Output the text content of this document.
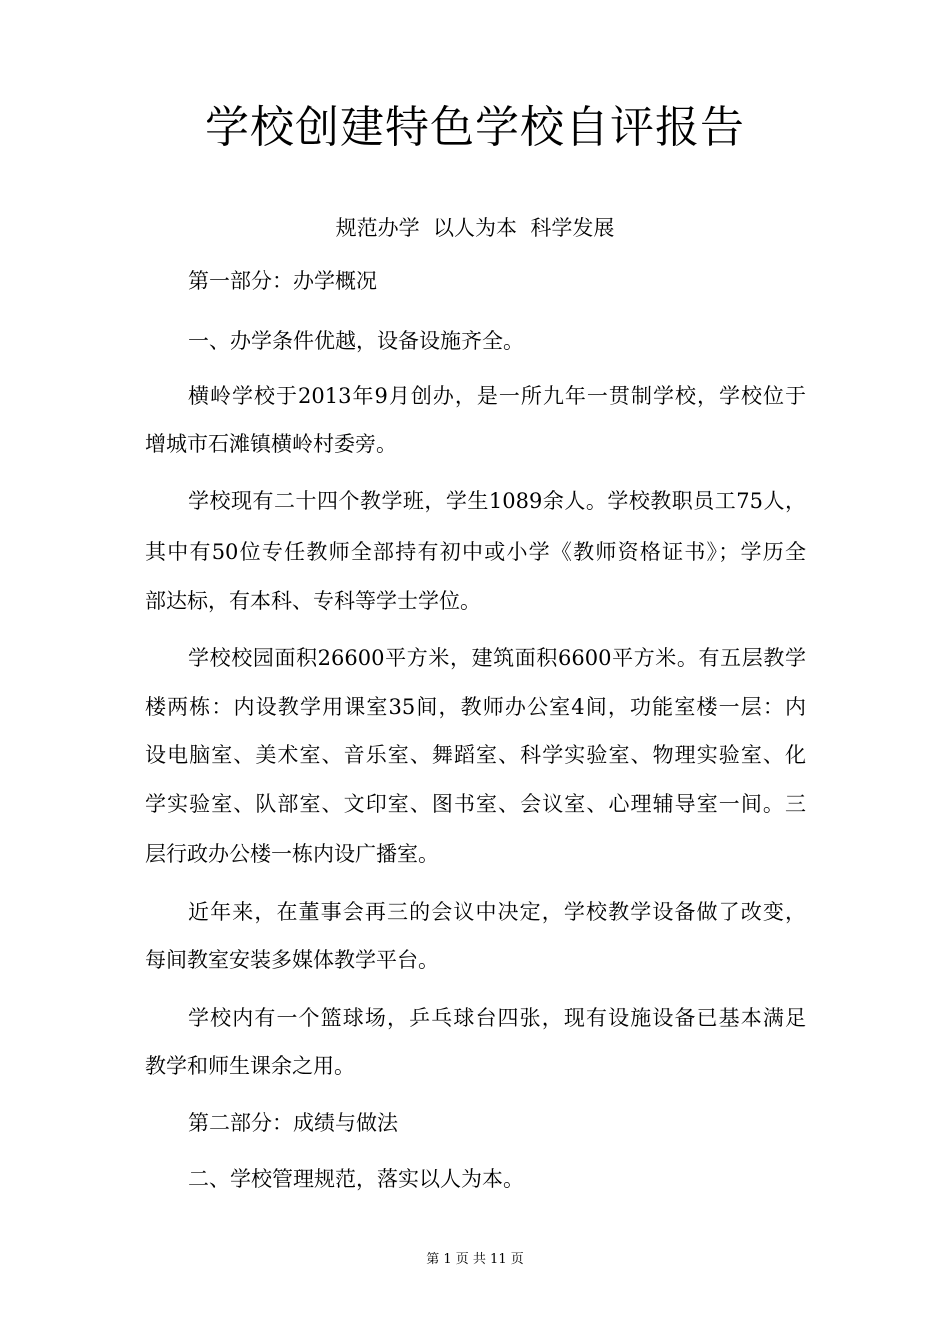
学校创建特色学校自评报告

规范办学  以人为本  科学发展

第一部分：办学概况

一、办学条件优越，设备设施齐全。

横岭学校于2013年9月创办，是一所九年一贯制学校，学校位于

增城市石滩镇横岭村委旁。

学校现有二十四个教学班，学生1089余人。学校教职员工75人，

其中有50位专任教师全部持有初中或小学《教师资格证书》；学历全

部达标，有本科、专科等学士学位。

学校校园面积26600平方米，建筑面积6600平方米。有五层教学

楼两栋：内设教学用课室35间，教师办公室4间，功能室楼一层：内

设电脑室、美术室、音乐室、舞蹈室、科学实验室、物理实验室、化

学实验室、队部室、文印室、图书室、会议室、心理辅导室一间。三

层行政办公楼一栋内设广播室。

近年来，在董事会再三的会议中决定，学校教学设备做了改变，

每间教室安装多媒体教学平台。

学校内有一个篮球场，乒乓球台四张，现有设施设备已基本满足

教学和师生课余之用。

第二部分：成绩与做法

二、学校管理规范，落实以人为本。

第 1 页 共 11 页
